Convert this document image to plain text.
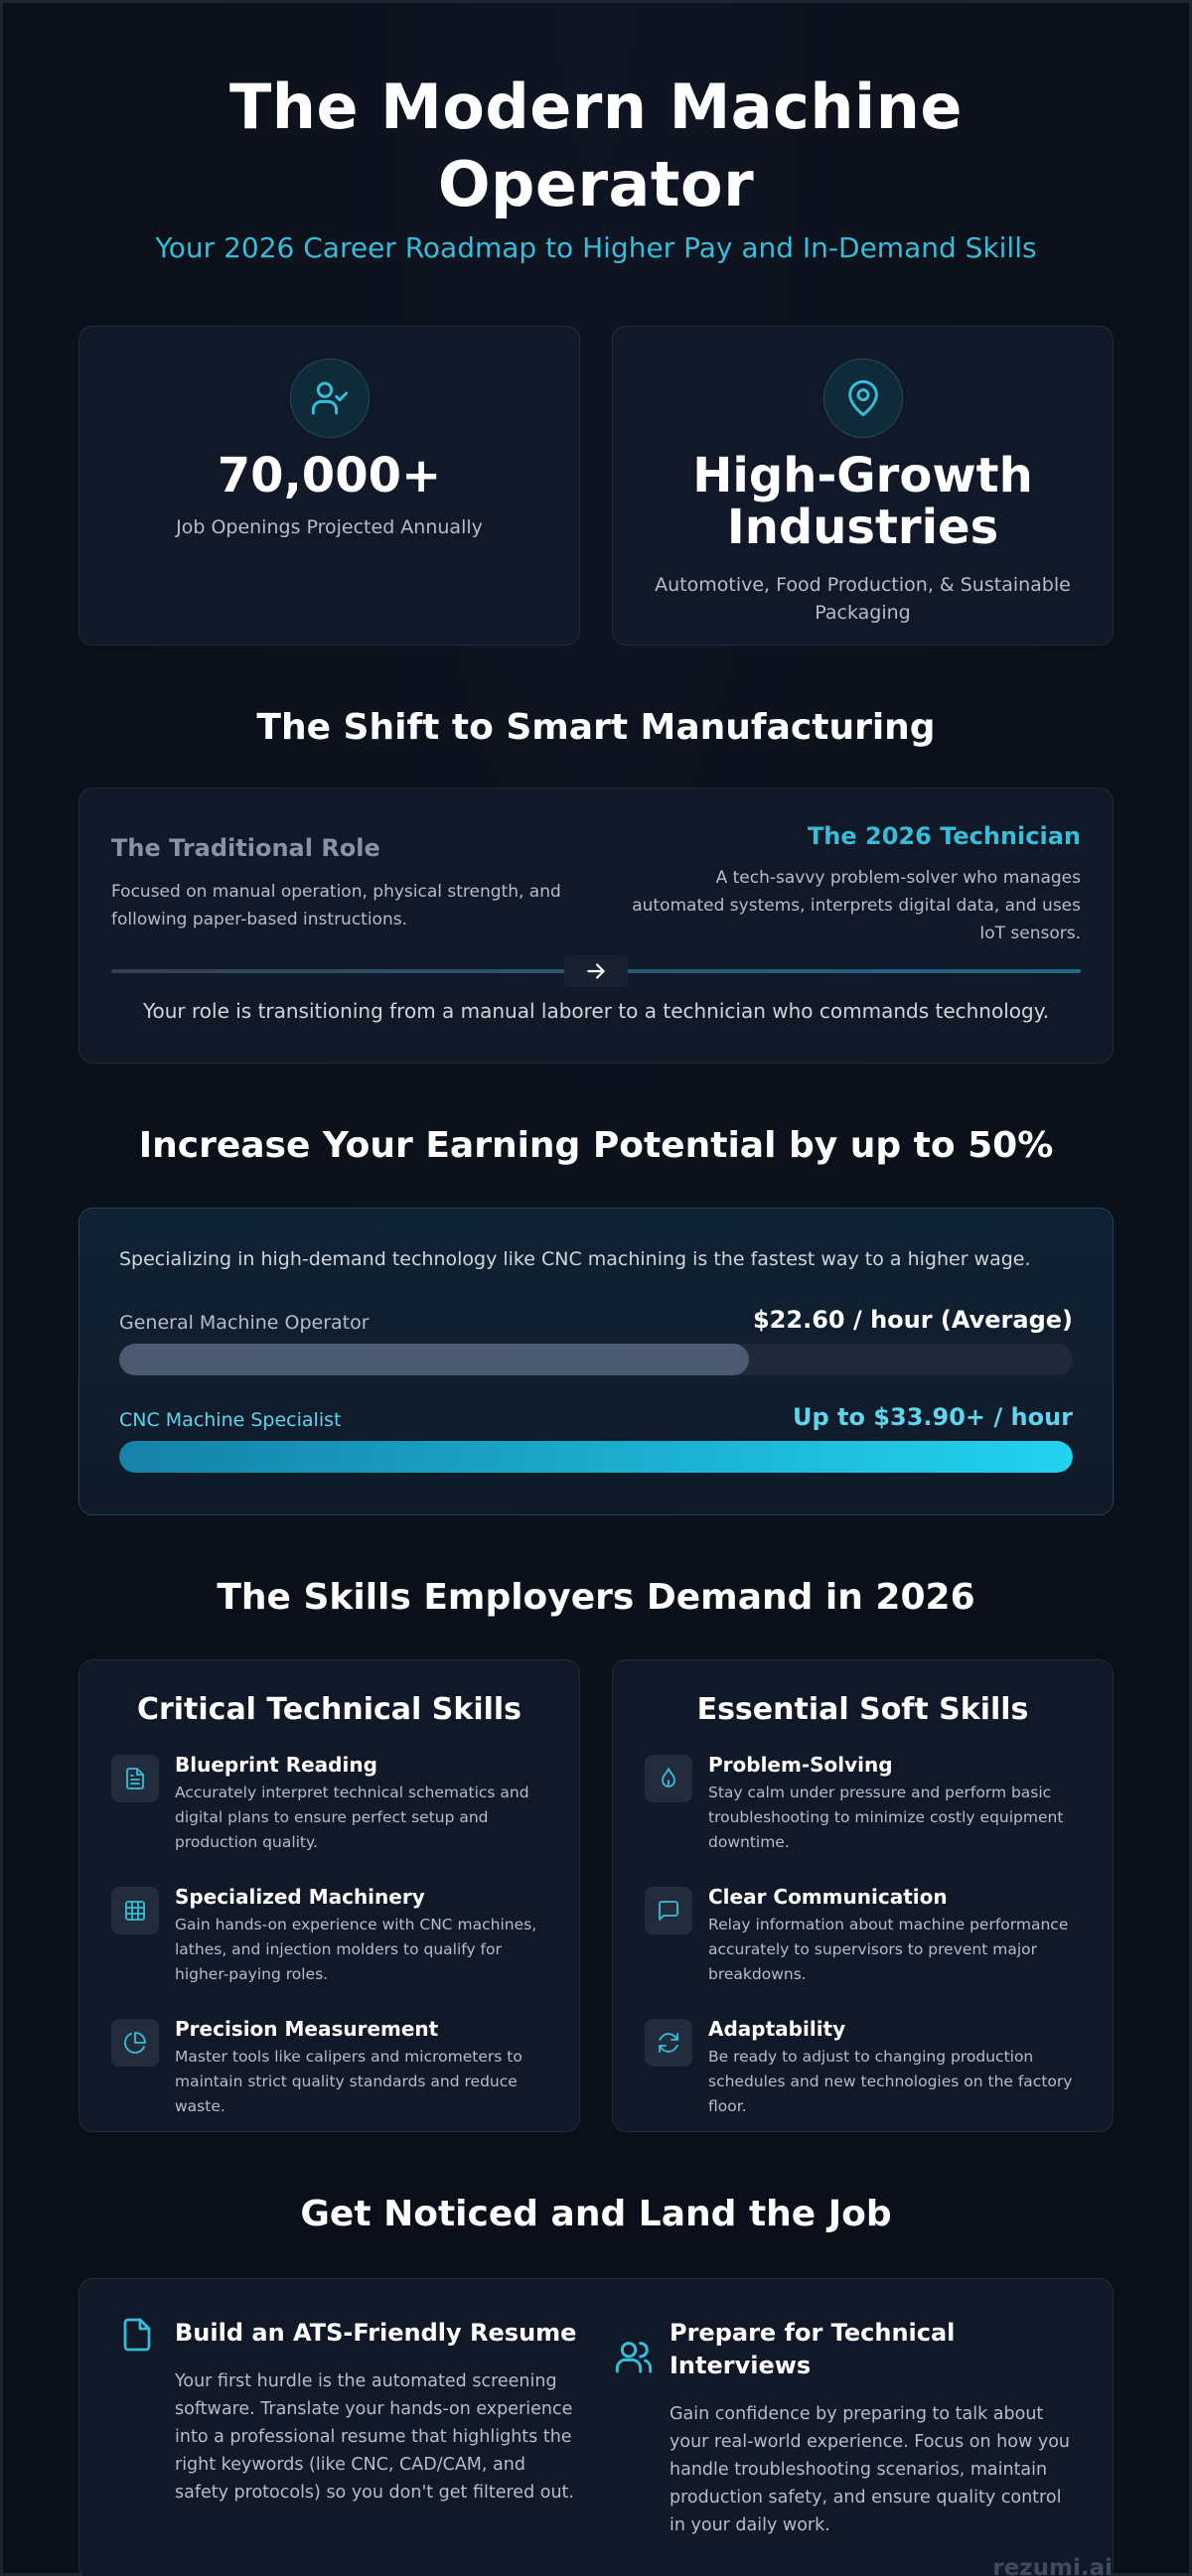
The Modern Machine Operator
Your 2026 Career Roadmap to Higher Pay and In-Demand Skills
70,000+
Job Openings Projected Annually
High-Growth Industries
Automotive, Food Production, & Sustainable Packaging
The Shift to Smart Manufacturing
The Traditional Role
Focused on manual operation, physical strength, and following paper-based instructions.
The 2026 Technician
A tech-savvy problem-solver who manages automated systems, interprets digital data, and uses IoT sensors.
Your role is transitioning from a manual laborer to a technician who commands technology.
Increase Your Earning Potential by up to 50%
Specializing in high-demand technology like CNC machining is the fastest way to a higher wage.
General Machine Operator	$22.60 / hour (Average)
CNC Machine Specialist	Up to $33.90+ / hour
The Skills Employers Demand in 2026
Critical Technical Skills
Blueprint Reading
Accurately interpret technical schematics and digital plans to ensure perfect setup and production quality.
Specialized Machinery
Gain hands-on experience with CNC machines, lathes, and injection molders to qualify for higher-paying roles.
Precision Measurement
Master tools like calipers and micrometers to maintain strict quality standards and reduce waste.
Essential Soft Skills
Problem-Solving
Stay calm under pressure and perform basic troubleshooting to minimize costly equipment downtime.
Clear Communication
Relay information about machine performance accurately to supervisors to prevent major breakdowns.
Adaptability
Be ready to adjust to changing production schedules and new technologies on the factory floor.
Get Noticed and Land the Job
Build an ATS-Friendly Resume
Your first hurdle is the automated screening software. Translate your hands-on experience into a professional resume that highlights the right keywords (like CNC, CAD/CAM, and safety protocols) so you don't get filtered out.
Prepare for Technical Interviews
Gain confidence by preparing to talk about your real-world experience. Focus on how you handle troubleshooting scenarios, maintain production safety, and ensure quality control in your daily work.
rezumi.ai
